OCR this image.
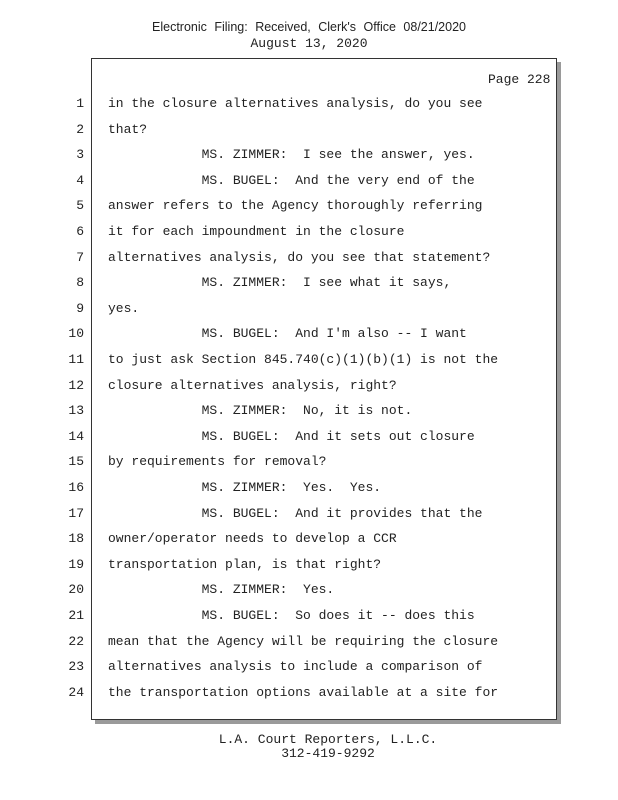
Electronic Filing: Received, Clerk's Office 08/21/2020
August 13, 2020
Page 228
1 in the closure alternatives analysis, do you see
2 that?
3 MS. ZIMMER:  I see the answer, yes.
4 MS. BUGEL:  And the very end of the
5 answer refers to the Agency thoroughly referring
6 it for each impoundment in the closure
7 alternatives analysis, do you see that statement?
8 MS. ZIMMER:  I see what it says,
9 yes.
10 MS. BUGEL:  And I'm also -- I want
11 to just ask Section 845.740(c)(1)(b)(1) is not the
12 closure alternatives analysis, right?
13 MS. ZIMMER:  No, it is not.
14 MS. BUGEL:  And it sets out closure
15 by requirements for removal?
16 MS. ZIMMER:  Yes.  Yes.
17 MS. BUGEL:  And it provides that the
18 owner/operator needs to develop a CCR
19 transportation plan, is that right?
20 MS. ZIMMER:  Yes.
21 MS. BUGEL:  So does it -- does this
22 mean that the Agency will be requiring the closure
23 alternatives analysis to include a comparison of
24 the transportation options available at a site for
L.A. Court Reporters, L.L.C.
312-419-9292
